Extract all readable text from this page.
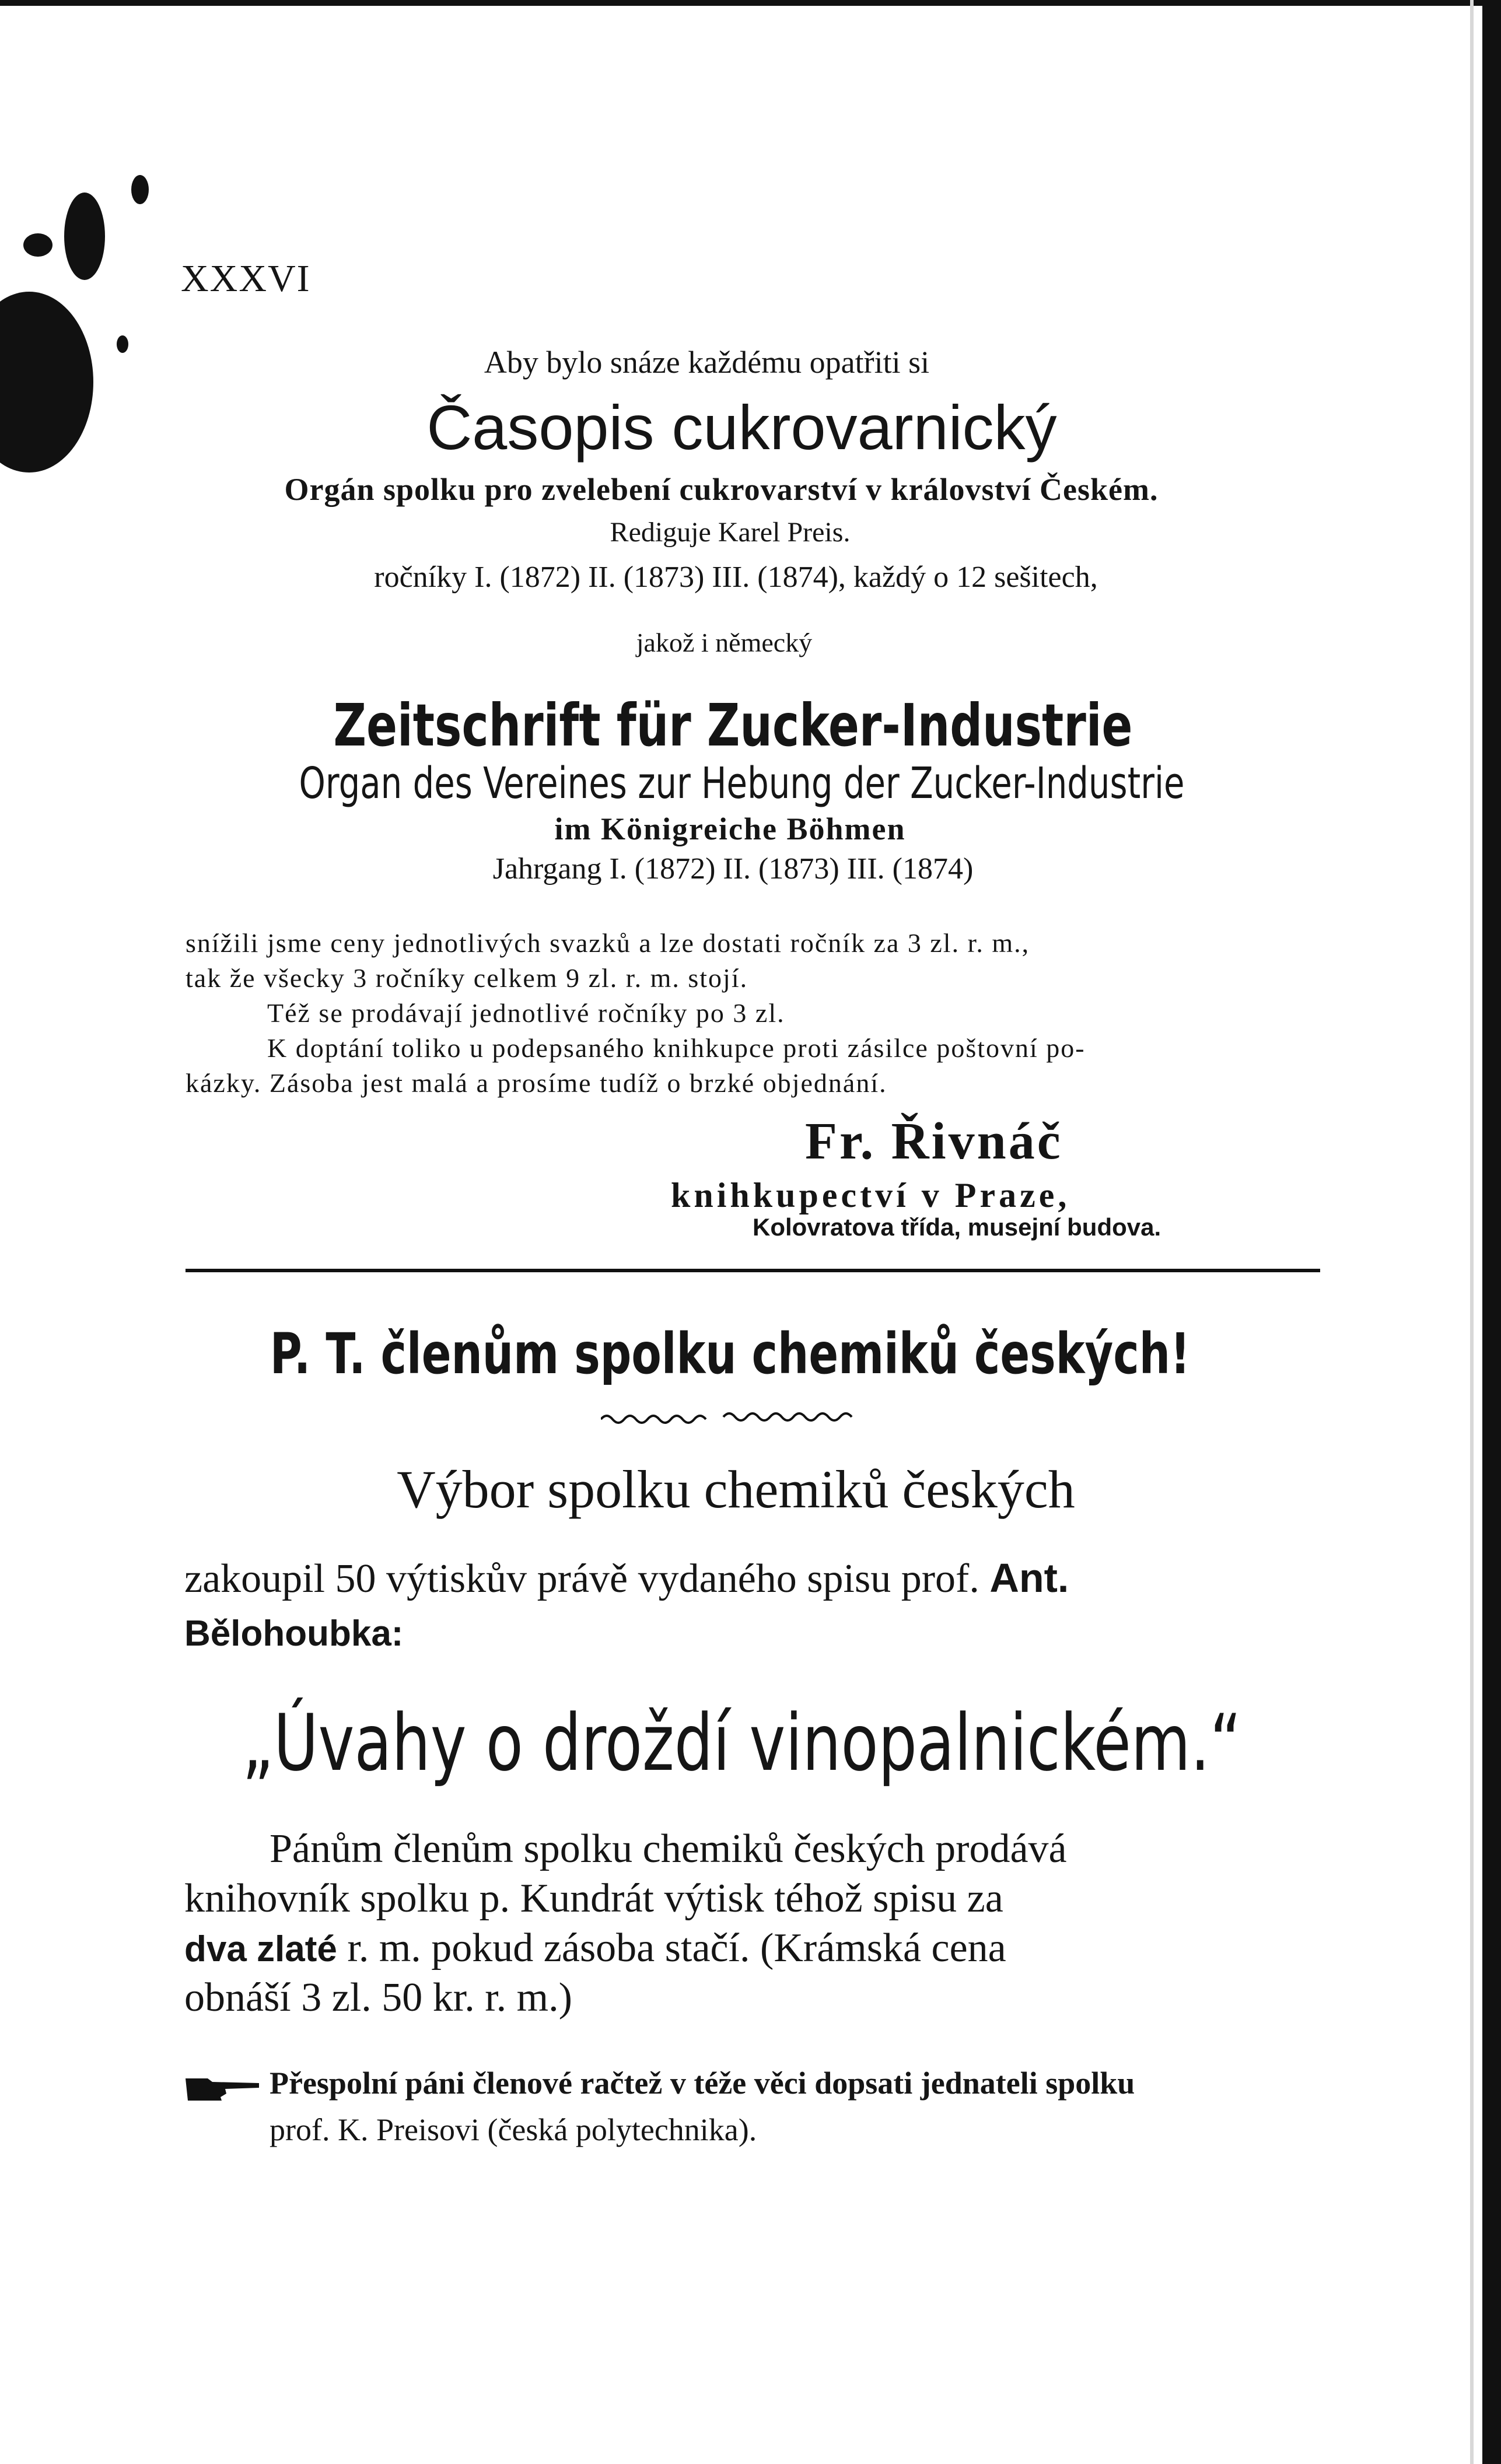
XXXVI
Aby bylo snáze každému opatřiti si
Časopis cukrovarnický
Orgán spolku pro zvelebení cukrovarství v království Českém.
Rediguje Karel Preis.
ročníky I. (1872) II. (1873) III. (1874), každý o 12 sešitech,
jakož i německý
Zeitschrift für Zucker-Industrie
Organ des Vereines zur Hebung der Zucker-Industrie
im Königreiche Böhmen
Jahrgang I. (1872) II. (1873) III. (1874)
snížili jsme ceny jednotlivých svazků a lze dostati ročník za 3 zl. r. m.,
tak že všecky 3 ročníky celkem 9 zl. r. m. stojí.
Též se prodávají jednotlivé ročníky po 3 zl.
K doptání toliko u podepsaného knihkupce proti zásilce poštovní po-
kázky. Zásoba jest malá a prosíme tudíž o brzké objednání.
Fr. Řivnáč
knihkupectví v Praze,
Kolovratova třída, musejní budova.
P. T. členům spolku chemiků českých!
Výbor spolku chemiků českých
zakoupil 50 výtiskův právě vydaného spisu prof. Ant.
Bělohoubka:
„Úvahy o droždí vinopalnickém.“
Pánům členům spolku chemiků českých prodává
knihovník spolku p. Kundrát výtisk téhož spisu za
dva zlaté r. m. pokud zásoba stačí. (Krámská cena
obnáší 3 zl. 50 kr. r. m.)
Přespolní páni členové račtež v téže věci dopsati jednateli spolku
prof. K. Preisovi (česká polytechnika).
